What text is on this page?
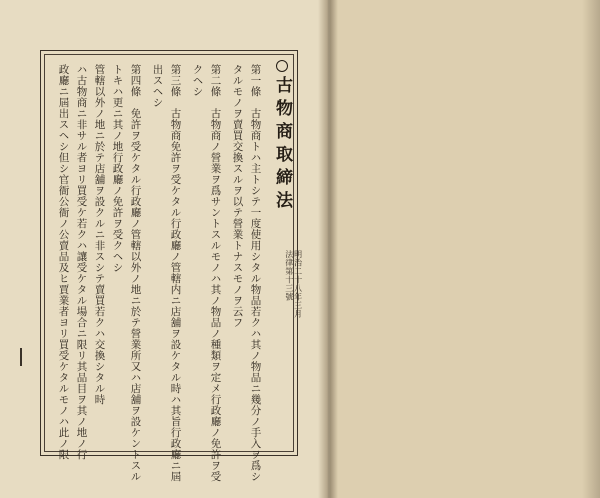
古物商取締法
明治二十八年三月
法律第十三號
第一條　古物商トハ主トシテ一度使用シタル物品若クハ其ノ物品ニ幾分ノ手入ヲ爲シ
タルモノヲ賣買交換スルヲ以テ營業トナスモノヲ云フ
第二條　古物商ノ營業ヲ爲サントスルモノハ其ノ物品ノ種類ヲ定メ行政廳ノ免許ヲ受
クヘシ
第三條　古物商免許ヲ受ケタル行政廳ノ管轄内ニ店舖ヲ設ケタル時ハ其旨行政廳ニ屆
出スヘシ
第四條　免許ヲ受ケタル行政廳ノ管轄以外ノ地ニ於テ營業所又ハ店舖ヲ設ケントスル
トキハ更ニ其ノ地行政廳ノ免許ヲ受クヘシ
管轄以外ノ地ニ於テ店舖ヲ設クルニ非スシテ賣買若クハ交換シタル時
ハ古物商ニ非サル者ヨリ買受ケ若クハ讓受ケタル場合ニ限リ其品目ヲ其ノ地ノ行
政廳ニ屆出スヘシ但シ官衙公衙ノ公賣品及ヒ賈業者ヨリ買受ケタルモノハ此ノ限
